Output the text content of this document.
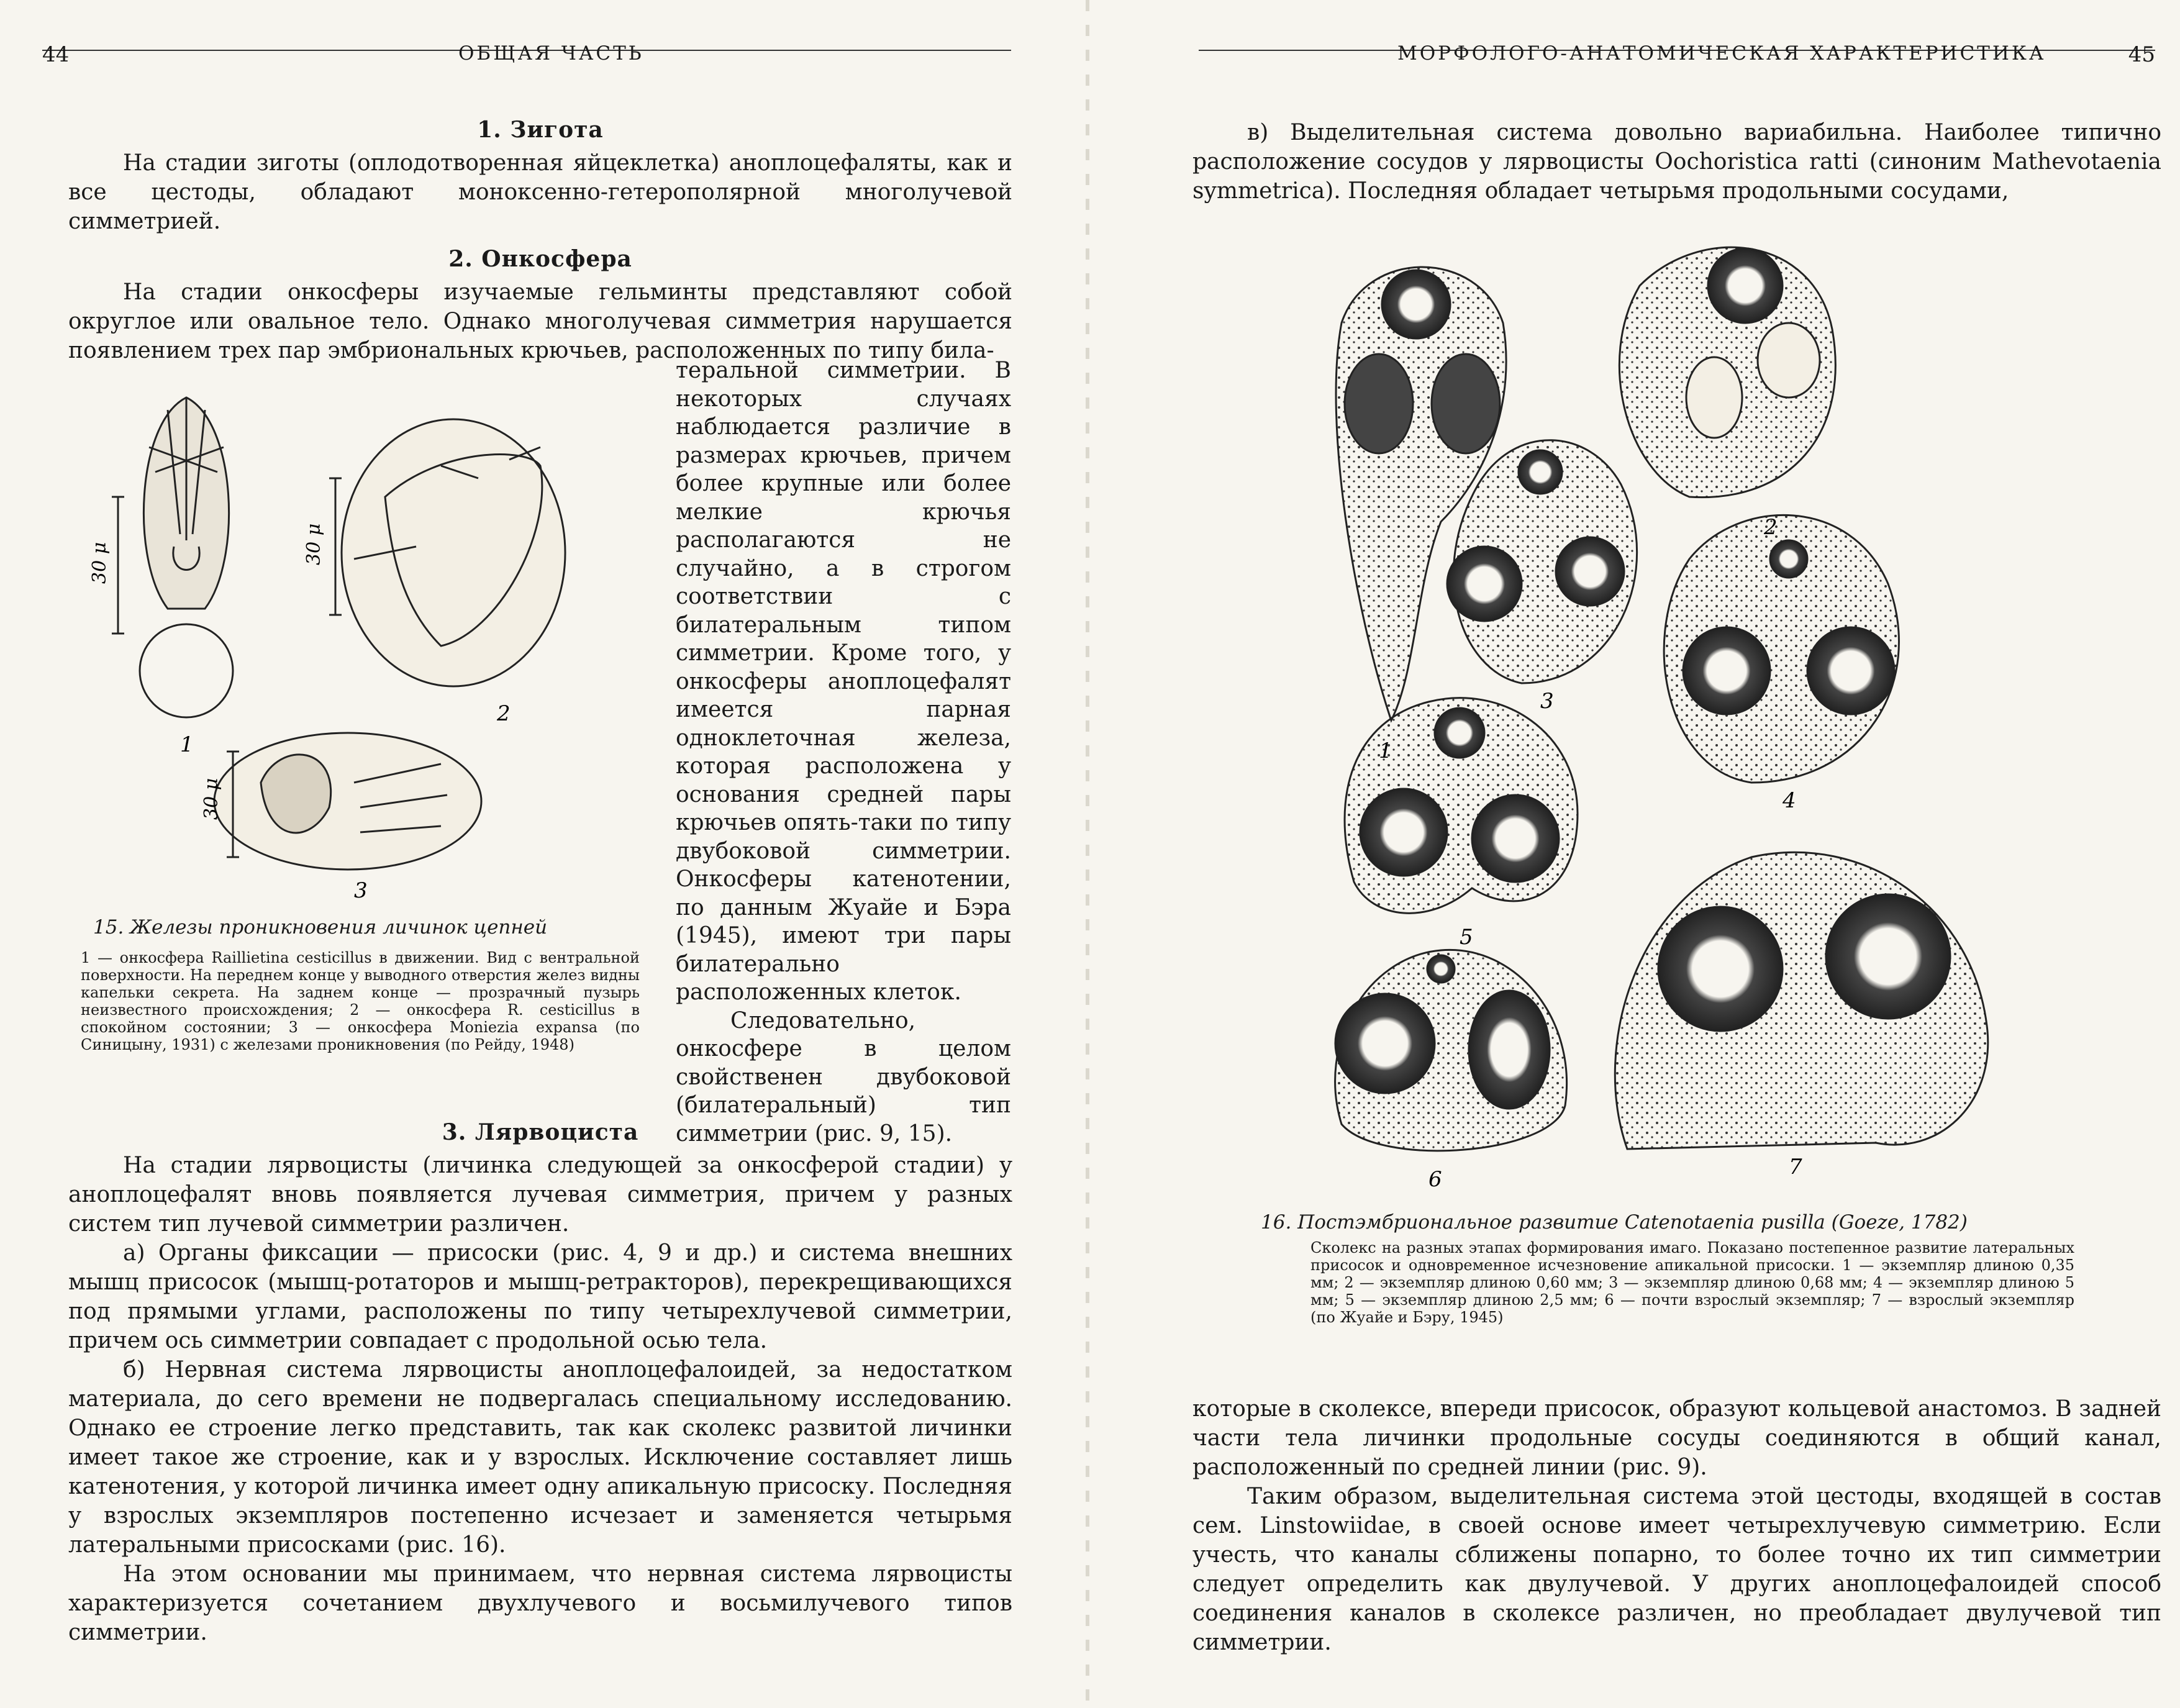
44	ОБЩАЯ ЧАСТЬ
1. Зигота

На стадии зиготы (оплодотворенная яйцеклетка) аноплоцефаляты, как и все цестоды, обладают моноксенно-гетерополярной многолучевой симметрией.

2. Онкосфера

На стадии онкосферы изучаемые гельминты представляют собой округлое или овальное тело. Однако многолучевая симметрия нарушается появлением трех пар эмбриональных крючьев, расположенных по типу била-

теральной симметрии. В некоторых случаях наблюдается различие в размерах крючьев, причем более крупные или более мелкие крючья располагаются не случайно, а в строгом соответствии с билатеральным типом симметрии. Кроме того, у онкосферы аноплоцефалят имеется парная одноклеточная железа, которая расположена у основания средней пары крючьев опять-таки по типу двубоковой симметрии. Онкосферы катенотении, по данным Жуайе и Бэра (1945), имеют три пары билатерально расположенных клеток.

Следовательно, онкосфере в целом свойственен двубоковой (билатеральный) тип симметрии (рис. 9, 15).

30 μ
1
30 μ
2
30 μ
3
15. Железы проникновения личинок цепней
1 — онкосфера Raillietina cesticillus в движении. Вид с вентральной поверхности. На переднем конце у выводного отверстия желез видны капельки секрета. На заднем конце — прозрачный пузырь неизвестного происхождения; 2 — онкосфера R. cesticillus в спокойном состоянии; 3 — онкосфера Moniezia expansa (по Синицыну, 1931) с железами проникновения (по Рейду, 1948)
3. Лярвоциста

На стадии лярвоцисты (личинка следующей за онкосферой стадии) у аноплоцефалят вновь появляется лучевая симметрия, причем у разных систем тип лучевой симметрии различен.

а) Органы фиксации — присоски (рис. 4, 9 и др.) и система внешних мышц присосок (мышц-ротаторов и мышц-ретракторов), перекрещивающихся под прямыми углами, расположены по типу четырехлучевой симметрии, причем ось симметрии совпадает с продольной осью тела.

б) Нервная система лярвоцисты аноплоцефалоидей, за недостатком материала, до сего времени не подвергалась специальному исследованию. Однако ее строение легко представить, так как сколекс развитой личинки имеет такое же строение, как и у взрослых. Исключение составляет лишь катенотения, у которой личинка имеет одну апикальную присоску. Последняя у взрослых экземпляров постепенно исчезает и заменяется четырьмя латеральными присосками (рис. 16).

На этом основании мы принимаем, что нервная система лярвоцисты характеризуется сочетанием двухлучевого и восьмилучевого типов симметрии.

МОРФОЛОГО-АНАТОМИЧЕСКАЯ ХАРАКТЕРИСТИКА	45

в) Выделительная система довольно вариабильна. Наиболее типично расположение сосудов у лярвоцисты Oochoristica ratti (синоним Mathevotaenia symmetrica). Последняя обладает четырьмя продольными сосудами,

3
4
5
6	7
16. Постэмбриональное развитие Catenotaenia pusilla (Goeze, 1782)
Сколекс на разных этапах формирования имаго. Показано постепенное развитие латеральных присосок и одновременное исчезновение апикальной присоски. 1 — экземпляр длиною 0,35 мм; 2 — экземпляр длиною 0,60 мм; 3 — экземпляр длиною 0,68 мм; 4 — экземпляр длиною 5 мм; 5 — экземпляр длиною 2,5 мм; 6 — почти взрослый экземпляр; 7 — взрослый экземпляр (по Жуайе и Бэру, 1945)

которые в сколексе, впереди присосок, образуют кольцевой анастомоз. В задней части тела личинки продольные сосуды соединяются в общий канал, расположенный по средней линии (рис. 9).

Таким образом, выделительная система этой цестоды, входящей в состав сем. Linstowiidae, в своей основе имеет четырехлучевую симметрию. Если учесть, что каналы сближены попарно, то более точно их тип симметрии следует определить как двулучевой. У других аноплоцефалоидей способ соединения каналов в сколексе различен, но преобладает двулучевой тип симметрии.
